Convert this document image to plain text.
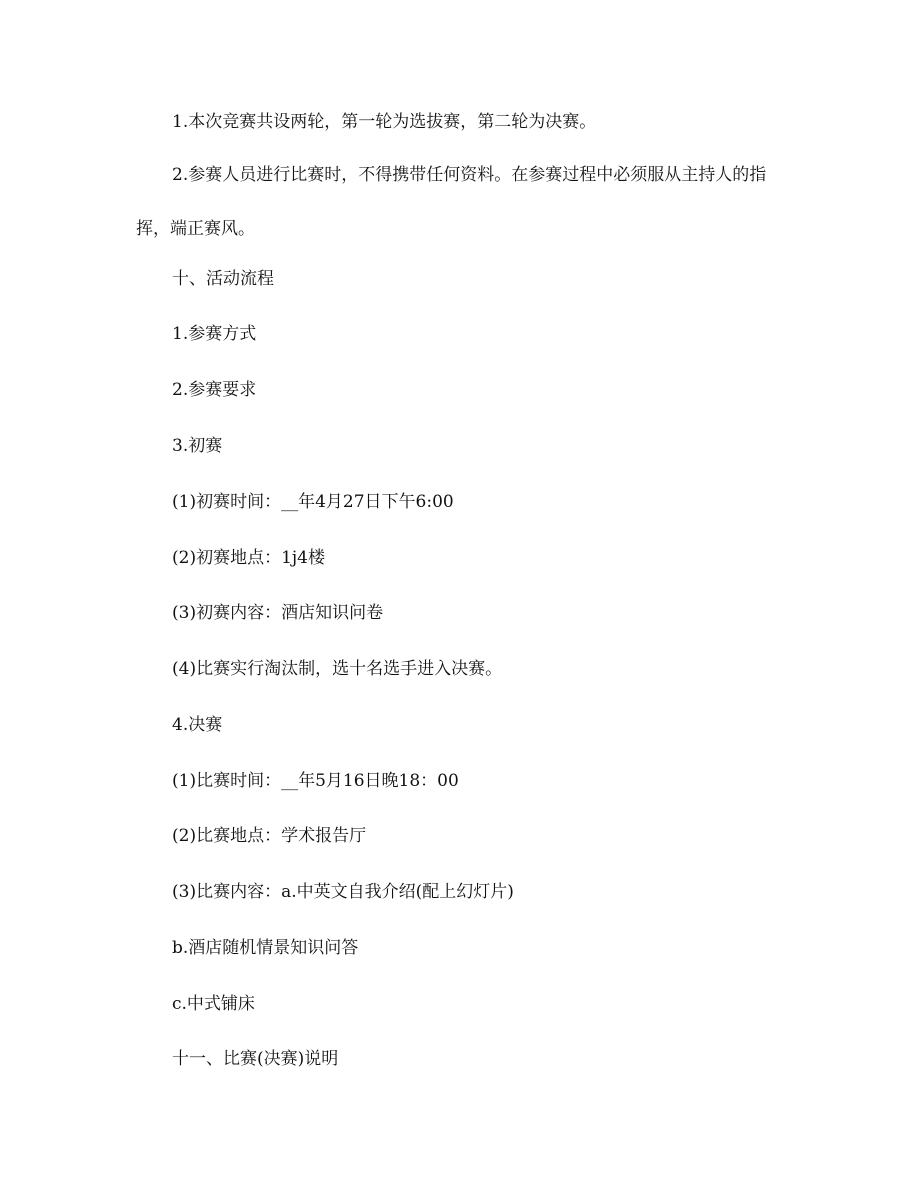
1.本次竞赛共设两轮，第一轮为选拔赛，第二轮为决赛。

2.参赛人员进行比赛时，不得携带任何资料。在参赛过程中必须服从主持人的指挥，端正赛风。

十、活动流程

1.参赛方式

2.参赛要求

3.初赛

(1)初赛时间：__年4月27日下午6:00

(2)初赛地点：1j4楼

(3)初赛内容：酒店知识问卷

(4)比赛实行淘汰制，选十名选手进入决赛。

4.决赛

(1)比赛时间：__年5月16日晚18：00

(2)比赛地点：学术报告厅

(3)比赛内容：a.中英文自我介绍(配上幻灯片)

b.酒店随机情景知识问答

c.中式铺床

十一、比赛(决赛)说明
